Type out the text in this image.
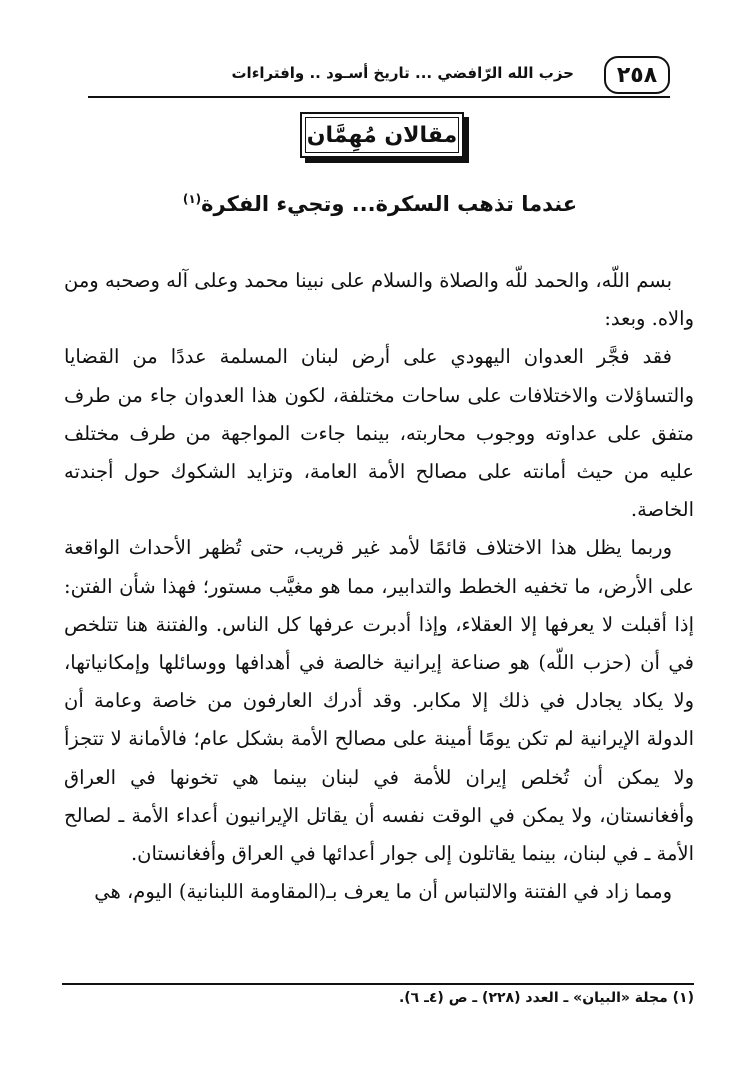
٢٥٨
حزب الله الرّافضي ... تاريخ أسـود .. وافتراءات
مقالان مُهِمَّان
عندما تذهب السكرة... وتجيء الفكرة$^{(١)}$

بسم اللّه، والحمد للّه والصلاة والسلام على نبينا محمد وعلى آله وصحبه ومن والاه. وبعد:

فقد فجَّر العدوان اليهودي على أرض لبنان المسلمة عددًا من القضايا والتساؤلات والاختلافات على ساحات مختلفة، لكون هذا العدوان جاء من طرف متفق على عداوته ووجوب محاربته، بينما جاءت المواجهة من طرف مختلف عليه من حيث أمانته على مصالح الأمة العامة، وتزايد الشكوك حول أجندته الخاصة.

وربما يظل هذا الاختلاف قائمًا لأمد غير قريب، حتى تُظهر الأحداث الواقعة على الأرض، ما تخفيه الخطط والتدابير، مما هو مغيَّب مستور؛ فهذا شأن الفتن: إذا أقبلت لا يعرفها إلا العقلاء، وإذا أدبرت عرفها كل الناس. والفتنة هنا تتلخص في أن (حزب اللّه) هو صناعة إيرانية خالصة في أهدافها ووسائلها وإمكانياتها، ولا يكاد يجادل في ذلك إلا مكابر. وقد أدرك العارفون من خاصة وعامة أن الدولة الإيرانية لم تكن يومًا أمينة على مصالح الأمة بشكل عام؛ فالأمانة لا تتجزأ ولا يمكن أن تُخلص إيران للأمة في لبنان بينما هي تخونها في العراق وأفغانستان، ولا يمكن في الوقت نفسه أن يقاتل الإيرانيون أعداء الأمة ـ لصالح الأمة ـ في لبنان، بينما يقاتلون إلى جوار أعدائها في العراق وأفغانستان.

ومما زاد في الفتنة والالتباس أن ما يعرف بـ(المقاومة اللبنانية) اليوم، هي

(١) مجلة «البيان» ـ العدد (٢٢٨) ـ ص (٤ـ ٦).
